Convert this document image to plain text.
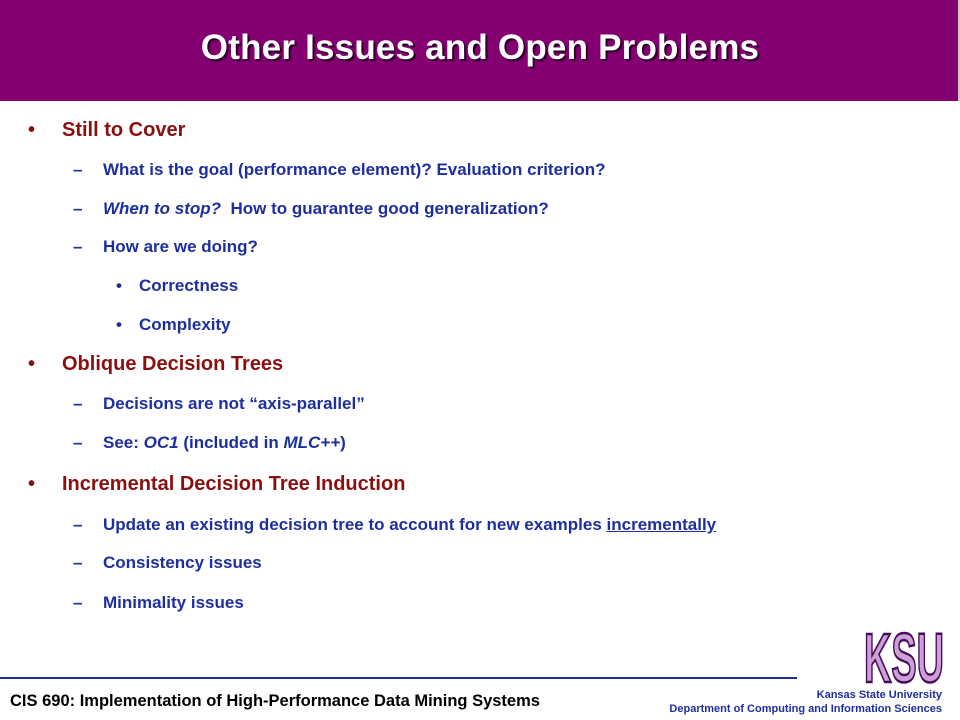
Other Issues and Open Problems
• Still to Cover
– What is the goal (performance element)? Evaluation criterion?
– When to stop?  How to guarantee good generalization?
– How are we doing?
• Correctness
• Complexity
• Oblique Decision Trees
– Decisions are not “axis-parallel”
– See: OC1 (included in MLC++)
• Incremental Decision Tree Induction
– Update an existing decision tree to account for new examples incrementally
– Consistency issues
– Minimality issues
CIS 690: Implementation of High-Performance Data Mining Systems	Kansas State University
Department of Computing and Information Sciences
KSU
